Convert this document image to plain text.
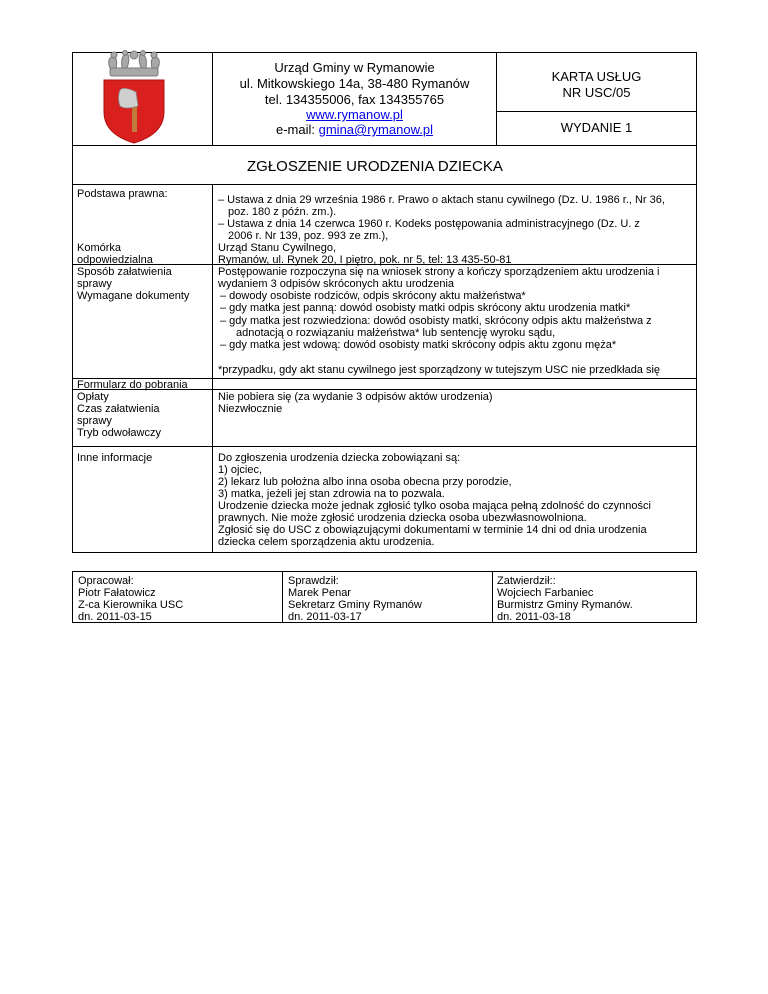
Urząd Gminy w Rymanowie
ul. Mitkowskiego 14a, 38-480 Rymanów
tel. 134355006, fax 134355765
www.rymanow.pl
e-mail: gmina@rymanow.pl
KARTA USŁUG
NR USC/05
WYDANIE 1
ZGŁOSZENIE URODZENIA DZIECKA
Podstawa prawna:
Komórka
odpowiedzialna
Sposób załatwienia
sprawy
Wymagane dokumenty
Formularz do pobrania
Opłaty
Czas załatwienia
sprawy
Tryb odwoławczy
Inne informacje
– Ustawa z dnia 29 września 1986 r. Prawo o aktach stanu cywilnego (Dz. U. 1986 r., Nr 36,
poz. 180 z późn. zm.).
– Ustawa z dnia 14 czerwca 1960 r. Kodeks postępowania administracyjnego (Dz. U. z
2006 r. Nr 139, poz. 993 ze zm.),
Urząd Stanu Cywilnego,
Rymanów, ul. Rynek 20, I piętro, pok. nr 5, tel: 13 435-50-81
Postępowanie rozpoczyna się na wniosek strony a kończy sporządzeniem aktu urodzenia i
wydaniem 3 odpisów skróconych aktu urodzenia
– dowody osobiste rodziców, odpis skrócony aktu małżeństwa*
– gdy matka jest panną: dowód osobisty matki odpis skrócony aktu urodzenia matki*
– gdy matka jest rozwiedziona: dowód osobisty matki, skrócony odpis aktu małżeństwa z
adnotacją o rozwiązaniu małżeństwa* lub sentencję wyroku sądu,
– gdy matka jest wdową: dowód osobisty matki skrócony odpis aktu zgonu męża*
*przypadku, gdy akt stanu cywilnego jest sporządzony w tutejszym USC nie przedkłada się
Nie pobiera się (za wydanie 3 odpisów aktów urodzenia)
Niezwłocznie
Do zgłoszenia urodzenia dziecka zobowiązani są:
1) ojciec,
2) lekarz lub położna albo inna osoba obecna przy porodzie,
3) matka, jeżeli jej stan zdrowia na to pozwala.
Urodzenie dziecka może jednak zgłosić tylko osoba mająca pełną zdolność do czynności
prawnych. Nie może zgłosić urodzenia dziecka osoba ubezwłasnowolniona.
Zgłosić się do USC z obowiązującymi dokumentami w terminie 14 dni od dnia urodzenia
dziecka celem sporządzenia aktu urodzenia.
Opracował:
Piotr Fałatowicz
Z-ca Kierownika USC
dn. 2011-03-15
Sprawdził:
Marek Penar
Sekretarz Gminy Rymanów
dn. 2011-03-17
Zatwierdził::
Wojciech Farbaniec
Burmistrz Gminy Rymanów.
dn. 2011-03-18
